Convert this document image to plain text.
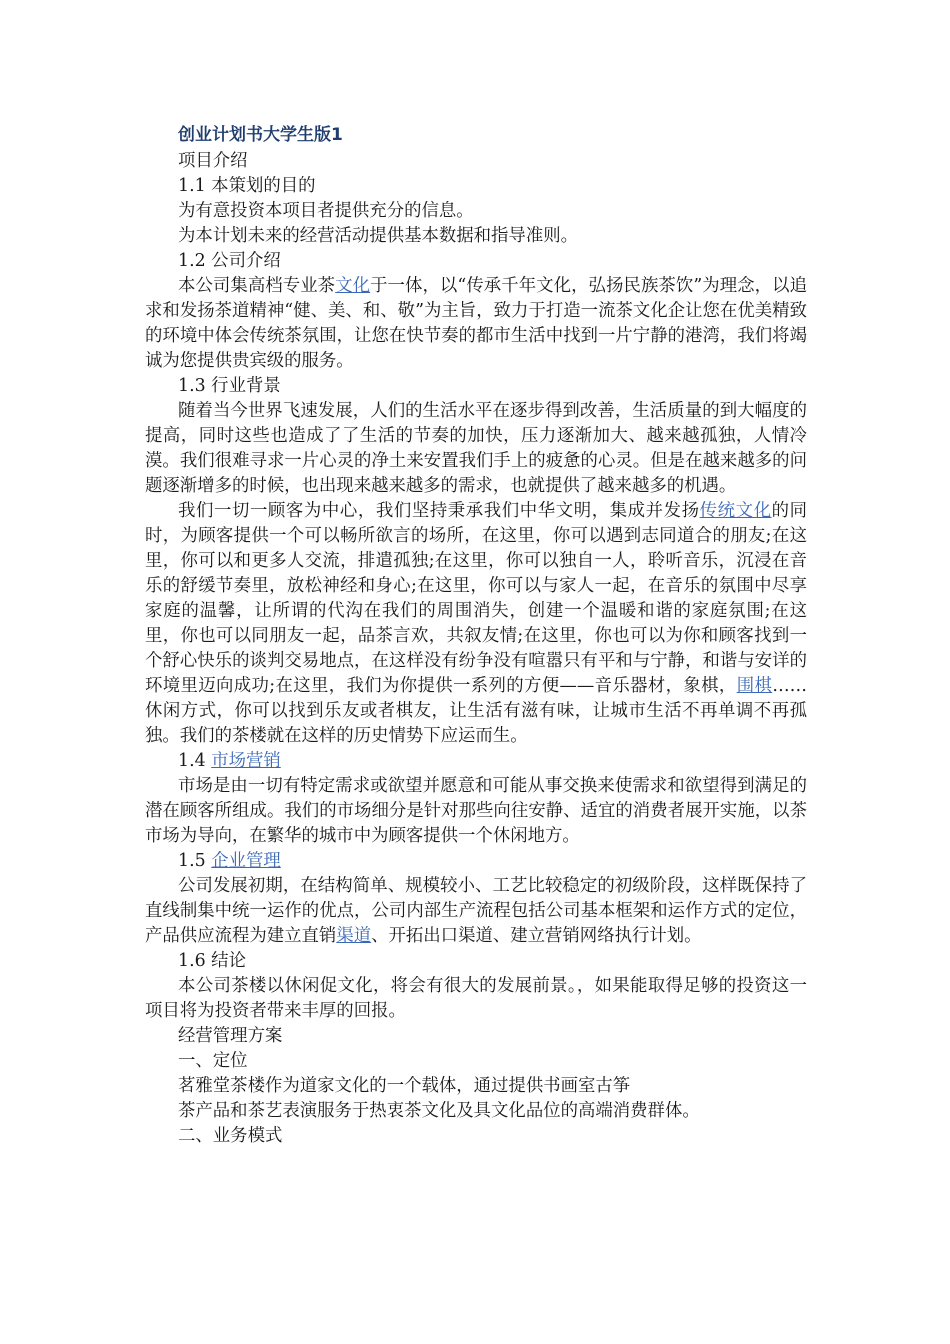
创业计划书大学生版1
项目介绍
1.1 本策划的目的
为有意投资本项目者提供充分的信息。
为本计划未来的经营活动提供基本数据和指导准则。
1.2 公司介绍
本公司集高档专业茶文化于一体，以“传承千年文化，弘扬民族茶饮”为理念，以追求和发扬茶道精神“健、美、和、敬”为主旨，致力于打造一流茶文化企让您在优美精致的环境中体会传统茶氛围，让您在快节奏的都市生活中找到一片宁静的港湾，我们将竭诚为您提供贵宾级的服务。
1.3 行业背景
随着当今世界飞速发展，人们的生活水平在逐步得到改善，生活质量的到大幅度的提高，同时这些也造成了了生活的节奏的加快，压力逐渐加大、越来越孤独，人情冷漠。我们很难寻求一片心灵的净土来安置我们手上的疲惫的心灵。但是在越来越多的问题逐渐增多的时候，也出现来越来越多的需求，也就提供了越来越多的机遇。
我们一切一顾客为中心，我们坚持秉承我们中华文明，集成并发扬传统文化的同时，为顾客提供一个可以畅所欲言的场所，在这里，你可以遇到志同道合的朋友;在这里，你可以和更多人交流，排遣孤独;在这里，你可以独自一人，聆听音乐，沉浸在音乐的舒缓节奏里，放松神经和身心;在这里，你可以与家人一起，在音乐的氛围中尽享家庭的温馨，让所谓的代沟在我们的周围消失，创建一个温暖和谐的家庭氛围;在这里，你也可以同朋友一起，品茶言欢，共叙友情;在这里，你也可以为你和顾客找到一个舒心快乐的谈判交易地点，在这样没有纷争没有喧嚣只有平和与宁静，和谐与安详的环境里迈向成功;在这里，我们为你提供一系列的方便——音乐器材，象棋，围棋……休闲方式，你可以找到乐友或者棋友，让生活有滋有味，让城市生活不再单调不再孤独。我们的茶楼就在这样的历史情势下应运而生。
1.4 市场营销
市场是由一切有特定需求或欲望并愿意和可能从事交换来使需求和欲望得到满足的潜在顾客所组成。我们的市场细分是针对那些向往安静、适宜的消费者展开实施，以茶市场为导向，在繁华的城市中为顾客提供一个休闲地方。
1.5 企业管理
公司发展初期，在结构简单、规模较小、工艺比较稳定的初级阶段，这样既保持了直线制集中统一运作的优点，公司内部生产流程包括公司基本框架和运作方式的定位，产品供应流程为建立直销渠道、开拓出口渠道、建立营销网络执行计划。
1.6 结论
本公司茶楼以休闲促文化，将会有很大的发展前景。，如果能取得足够的投资这一项目将为投资者带来丰厚的回报。
经营管理方案
一、定位
茗雅堂茶楼作为道家文化的一个载体，通过提供书画室古筝
茶产品和茶艺表演服务于热衷茶文化及具文化品位的高端消费群体。
二、业务模式
